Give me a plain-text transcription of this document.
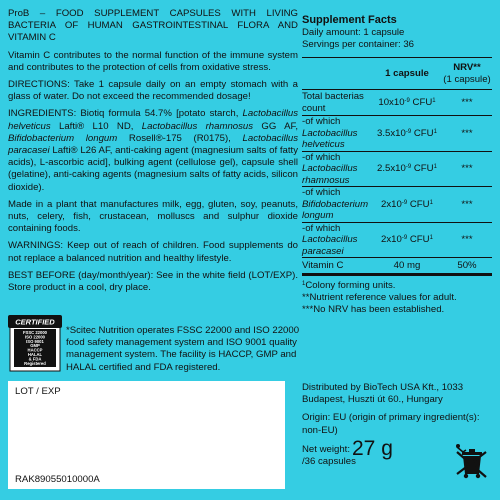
ProB – FOOD SUPPLEMENT CAPSULES WITH LIVING BACTERIA OF HUMAN GASTROINTESTINAL FLORA AND VITAMIN C

Vitamin C contributes to the normal function of the immune system and contributes to the protection of cells from oxidative stress.

DIRECTIONS: Take 1 capsule daily on an empty stomach with a glass of water. Do not exceed the recommended dosage!

INGREDIENTS: Biotiq formula 54.7% [potato starch, Lactobacillus helveticus Lafti® L10 ND, Lactobacillus rhamnosus GG AF, Bifidobacterium longum Rosell®-175 (R0175), Lactobacillus paracasei Lafti® L26 AF, anti-caking agent (magnesium salts of fatty acids), L-ascorbic acid], bulking agent (cellulose gel), capsule shell (gelatine), anti-caking agents (magnesium salts of fatty acids, silicon dioxide).

Made in a plant that manufactures milk, egg, gluten, soy, peanuts, nuts, celery, fish, crustacean, molluscs and sulphur dioxide containing foods.

WARNINGS: Keep out of reach of children. Food supplements do not replace a balanced nutrition and healthy lifestyle.

BEST BEFORE (day/month/year): See in the white field (LOT/EXP). Store product in a cool, dry place.

CERTIFIED
FSSC 22000
ISO 22000
ISO 9001
GMP
HACCP
HALAL
& FDA
Registered
*Scitec Nutrition operates FSSC 22000 and ISO 22000 food safety management system and ISO 9001 quality management system. The facility is HACCP, GMP and HALAL certified and FDA registered.
Supplement Facts
Daily amount: 1 capsule
Servings per container: 36
	1 capsule	NRV**
(1 capsule)
Total bacterias count	$10x10^{-9}$ CFU$^1$	***
-of which
Lactobacillus helveticus	$3.5x10^{-9}$ CFU$^1$	***
-of which
Lactobacillus rhamnosus	$2.5x10^{-9}$ CFU$^1$	***
-of which
Bifidobacterium longum	$2x10^{-9}$ CFU$^1$	***
-of which
Lactobacillus paracasei	$2x10^{-9}$ CFU$^1$	***
Vitamin C	40 mg	50%
$^1$Colony forming units.
**Nutrient reference values for adult.
***No NRV has been established.
LOT / EXP
RAK89055010000A

Distributed by BioTech USA Kft., 1033 Budapest, Huszti út 60., Hungary

Origin: EU (origin of primary ingredient(s): non-EU)

Net weight:27 g
/36 capsules
